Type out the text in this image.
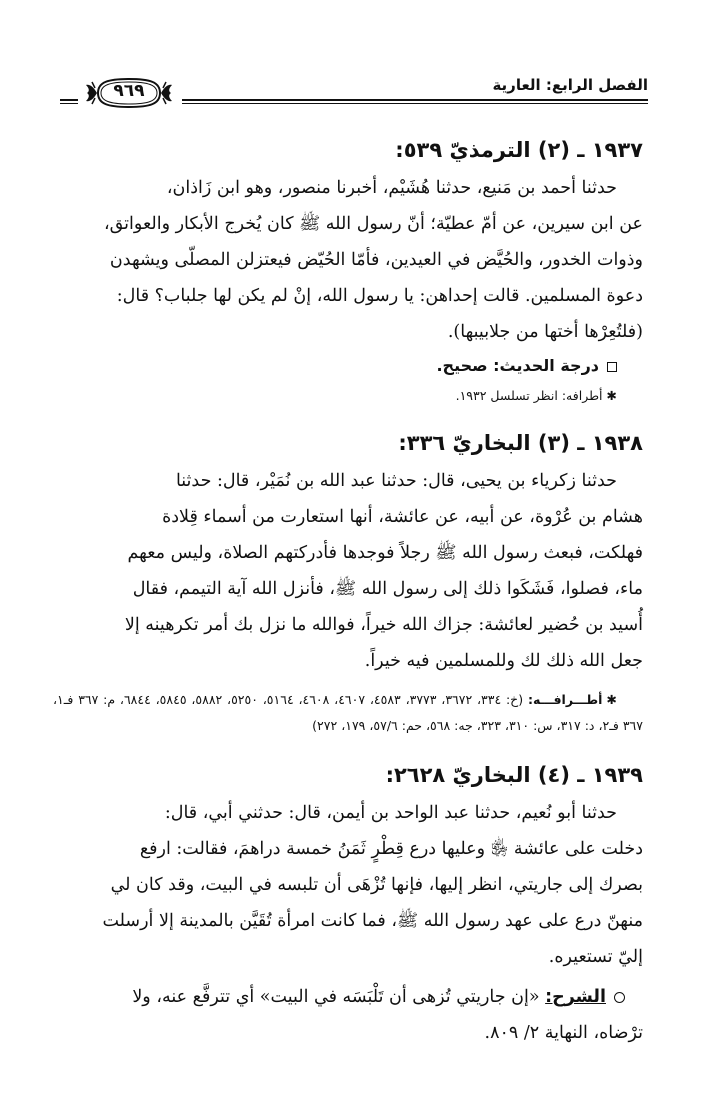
الفصل الرابع: العارية
٩٦٩
١٩٣٧ ـ (٢) الترمذيّ ٥٣٩:

حدثنا أحمد بن مَنيع، حدثنا هُشَيْم، أخبرنا منصور، وهو ابن زَاذان،

عن ابن سيرين، عن أمّ عطيّة؛ أنّ رسول الله ﷺ كان يُخرج الأبكار والعواتق،

وذوات الخدور، والحُيَّض في العيدين، فأمّا الحُيّض فيعتزلن المصلّى ويشهدن

دعوة المسلمين. قالت إحداهن: يا رسول الله، إنْ لم يكن لها جلباب؟ قال:

(فلتُعِرْها أختها من جلابيبها).

درجة الحديث: صحيح.
✱أطرافه: انظر تسلسل ١٩٣٢.
١٩٣٨ ـ (٣) البخاريّ ٣٣٦:

حدثنا زكرياء بن يحيى، قال: حدثنا عبد الله بن نُمَيْر، قال: حدثنا

هشام بن عُرْوة، عن أبيه، عن عائشة، أنها استعارت من أسماء قِلادة

فهلكت، فبعث رسول الله ﷺ رجلاً فوجدها فأدركتهم الصلاة، وليس معهم

ماء، فصلوا، فَشَكَوا ذلك إلى رسول الله ﷺ، فأنزل الله آية التيمم، فقال

أُسيد بن حُضير لعائشة: جزاك الله خيراً، فوالله ما نزل بك أمر تكرهينه إلا

جعل الله ذلك لك وللمسلمين فيه خيراً.

✱أطـــرافـــه: (خ: ٣٣٤، ٣٦٧٢، ٣٧٧٣، ٤٥٨٣، ٤٦٠٧، ٤٦٠٨، ٥١٦٤، ٥٢٥٠، ٥٨٨٢، ٥٨٤٥، ٦٨٤٤، م: ٣٦٧ فـ١، ٣٦٧ فـ٢، د: ٣١٧، س: ٣١٠، ٣٢٣، جه: ٥٦٨، حم: ٥٧/٦، ١٧٩، ٢٧٢)
١٩٣٩ ـ (٤) البخاريّ ٢٦٢٨:

حدثنا أبو نُعيم، حدثنا عبد الواحد بن أيمن، قال: حدثني أبي، قال:

دخلت على عائشة ﵂ وعليها درع قِطْرٍ ثَمَنُ خمسة دراهمَ، فقالت: ارفع

بصرك إلى جاريتي، انظر إليها، فإنها تُزْهَى أن تلبسه في البيت، وقد كان لي

منهنّ درع على عهد رسول الله ﷺ، فما كانت امرأة تُقَيَّن بالمدينة إلا أرسلت

إليّ تستعيره.

الشرح: «إن جاريتي تُزهى أن تَلْبَسَه في البيت» أي تترفَّع عنه، ولا

ترْضاه، النهاية ٢/ ٨٠٩.
